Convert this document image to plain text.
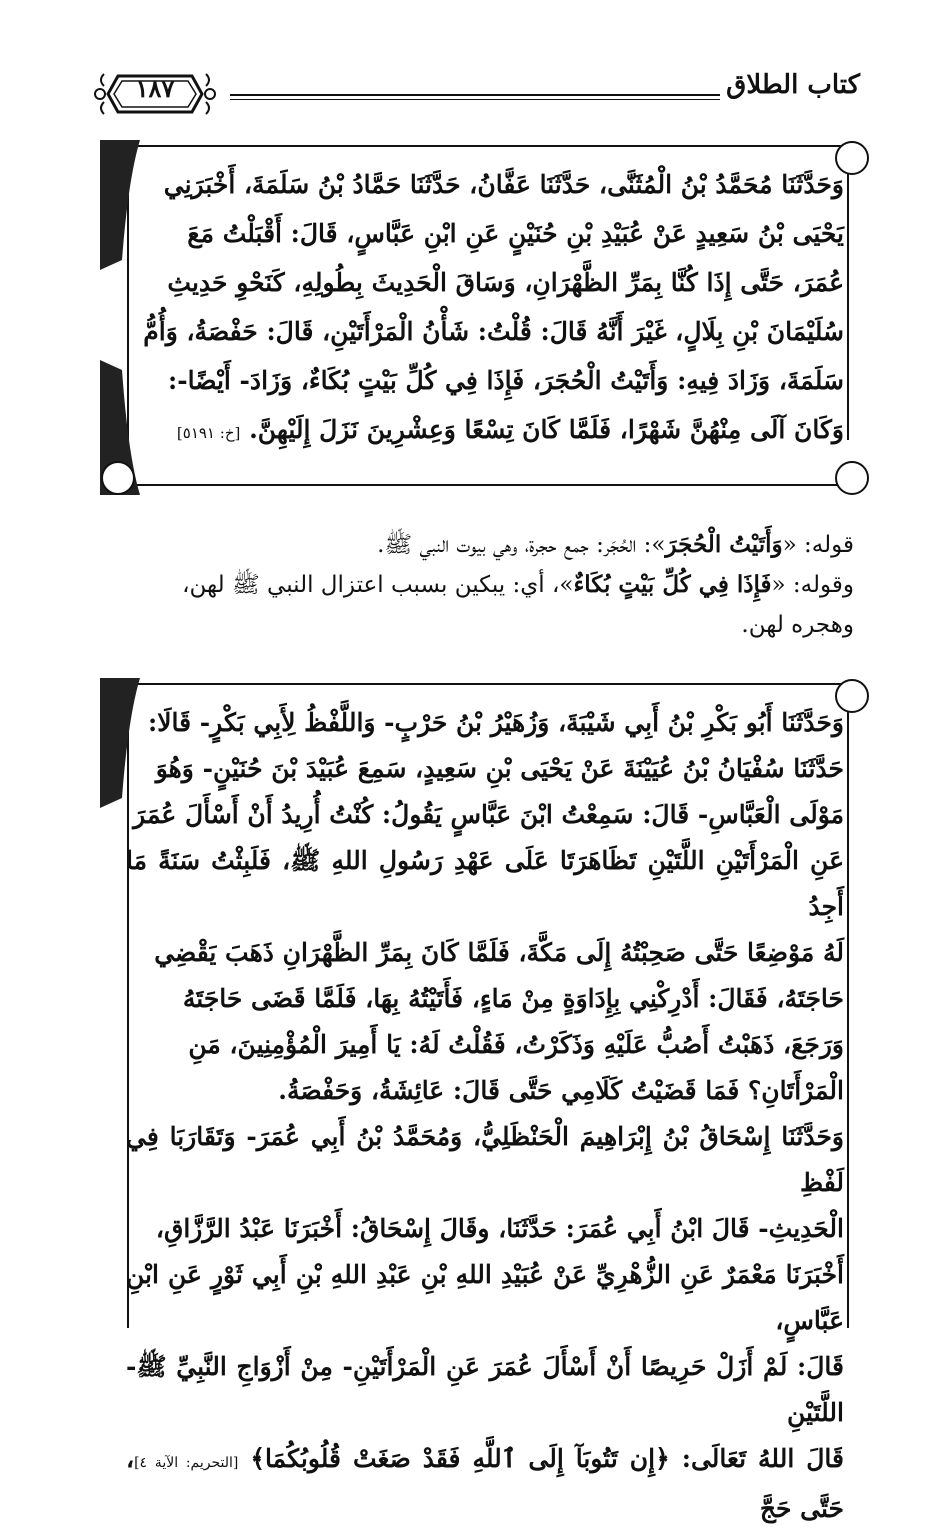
١٨٧	كتاب الطلاق

وَحَدَّثَنَا مُحَمَّدُ بْنُ الْمُثَنَّى، حَدَّثَنَا عَفَّانُ، حَدَّثَنَا حَمَّادُ بْنُ سَلَمَةَ، أَخْبَرَنِي

يَحْيَى بْنُ سَعِيدٍ عَنْ عُبَيْدِ بْنِ حُنَيْنٍ عَنِ ابْنِ عَبَّاسٍ، قَالَ: أَقْبَلْتُ مَعَ

عُمَرَ، حَتَّى إِذَا كُنَّا بِمَرِّ الظَّهْرَانِ، وَسَاقَ الْحَدِيثَ بِطُولِهِ، كَنَحْوِ حَدِيثِ

سُلَيْمَانَ بْنِ بِلَالٍ، غَيْرَ أَنَّهُ قَالَ: قُلْتُ: شَأْنُ الْمَرْأَتَيْنِ، قَالَ: حَفْصَةُ، وَأُمُّ

سَلَمَةَ، وَزَادَ فِيهِ: وَأَتَيْتُ الْحُجَرَ، فَإِذَا فِي كُلِّ بَيْتٍ بُكَاءٌ، وَزَادَ- أَيْضًا-:

وَكَانَ آلَى مِنْهُنَّ شَهْرًا، فَلَمَّا كَانَ تِسْعًا وَعِشْرِينَ نَزَلَ إِلَيْهِنَّ. [خ: ٥١٩١]

قوله: «وَأَتَيْتُ الْحُجَرَ»: الحُجَر: جمع حجرة، وهي بيوت النبي ﷺ.

وقوله: «فَإِذَا فِي كُلِّ بَيْتٍ بُكَاءٌ»، أي: يبكين بسبب اعتزال النبي ﷺ لهن،

وهجره لهن.

وَحَدَّثَنَا أَبُو بَكْرِ بْنُ أَبِي شَيْبَةَ، وَزُهَيْرُ بْنُ حَرْبٍ- وَاللَّفْظُ لِأَبِي بَكْرٍ- قَالَا:

حَدَّثَنَا سُفْيَانُ بْنُ عُيَيْنَةَ عَنْ يَحْيَى بْنِ سَعِيدٍ، سَمِعَ عُبَيْدَ بْنَ حُنَيْنٍ- وَهُوَ

مَوْلَى الْعَبَّاسِ- قَالَ: سَمِعْتُ ابْنَ عَبَّاسٍ يَقُولُ: كُنْتُ أُرِيدُ أَنْ أَسْأَلَ عُمَرَ

عَنِ الْمَرْأَتَيْنِ اللَّتَيْنِ تَظَاهَرَتَا عَلَى عَهْدِ رَسُولِ اللهِ ﷺ، فَلَبِثْتُ سَنَةً مَا أَجِدُ

لَهُ مَوْضِعًا حَتَّى صَحِبْتُهُ إِلَى مَكَّةَ، فَلَمَّا كَانَ بِمَرِّ الظَّهْرَانِ ذَهَبَ يَقْضِي

حَاجَتَهُ، فَقَالَ: أَدْرِكْنِي بِإِدَاوَةٍ مِنْ مَاءٍ، فَأَتَيْتُهُ بِهَا، فَلَمَّا قَضَى حَاجَتَهُ

وَرَجَعَ، ذَهَبْتُ أَصُبُّ عَلَيْهِ وَذَكَرْتُ، فَقُلْتُ لَهُ: يَا أَمِيرَ الْمُؤْمِنِينَ، مَنِ

الْمَرْأَتَانِ؟ فَمَا قَضَيْتُ كَلَامِي حَتَّى قَالَ: عَائِشَةُ، وَحَفْصَةُ.

وَحَدَّثَنَا إِسْحَاقُ بْنُ إِبْرَاهِيمَ الْحَنْظَلِيُّ، وَمُحَمَّدُ بْنُ أَبِي عُمَرَ- وَتَقَارَبَا فِي لَفْظِ

الْحَدِيثِ- قَالَ ابْنُ أَبِي عُمَرَ: حَدَّثَنَا، وقَالَ إِسْحَاقُ: أَخْبَرَنَا عَبْدُ الرَّزَّاقِ،

أَخْبَرَنَا مَعْمَرٌ عَنِ الزُّهْرِيِّ عَنْ عُبَيْدِ اللهِ بْنِ عَبْدِ اللهِ بْنِ أَبِي ثَوْرٍ عَنِ ابْنِ عَبَّاسٍ،

قَالَ: لَمْ أَزَلْ حَرِيصًا أَنْ أَسْأَلَ عُمَرَ عَنِ الْمَرْأَتَيْنِ- مِنْ أَزْوَاجِ النَّبِيِّ ﷺ- اللَّتَيْنِ

قَالَ اللهُ تَعَالَى: ﴿إِن تَتُوبَآ إِلَى ٱللَّهِ فَقَدْ صَغَتْ قُلُوبُكُمَا﴾ [التحريم: الآية ٤]، حَتَّى حَجَّ
